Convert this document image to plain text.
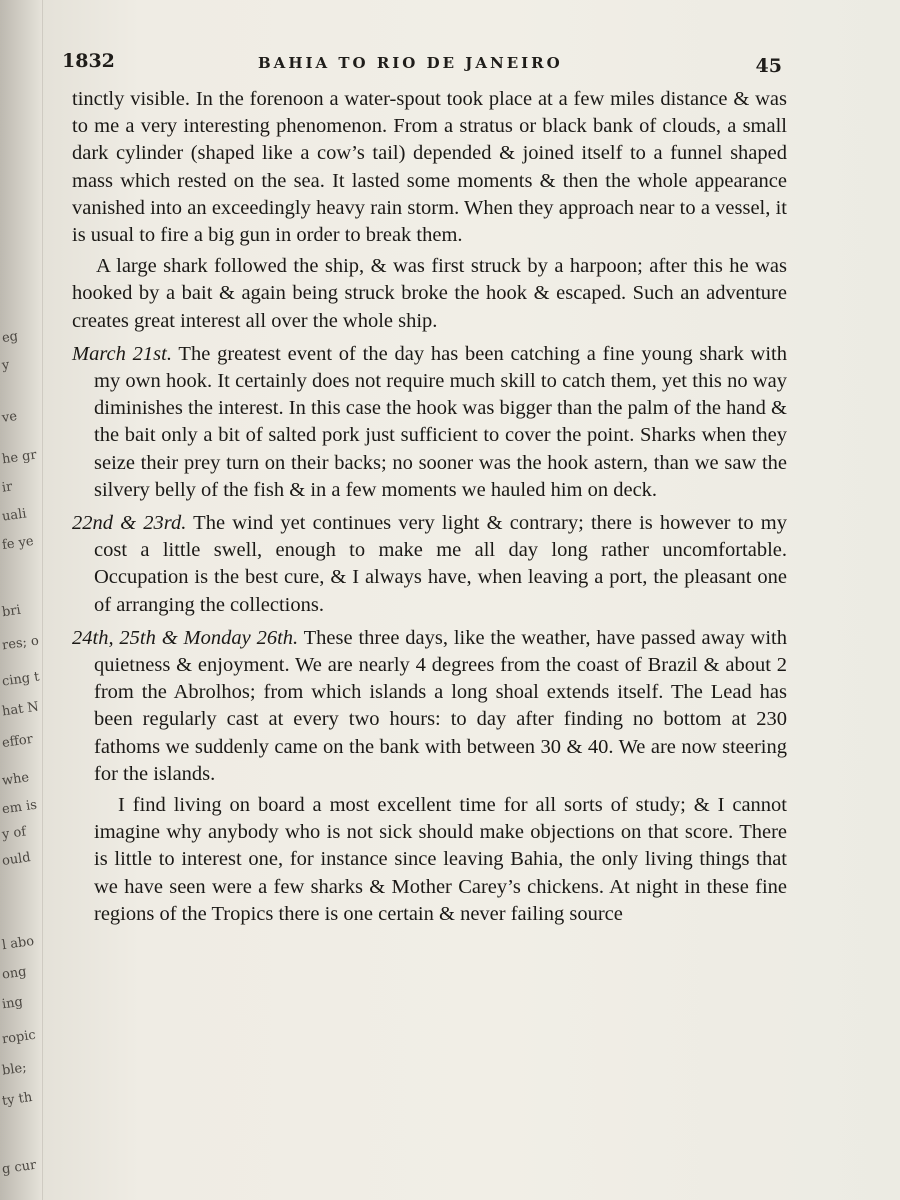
eg
y
ve
he gr
ir
uali
fe ye
bri
res; o
cing t
hat N
effor
whe
em is
y of
ould
l abo
ong
ing
ropic
ble;
ty th
g cur
1832	BAHIA TO RIO DE JANEIRO	45

tinctly visible. In the forenoon a water-spout took place at a few miles distance & was to me a very interesting phenomenon. From a stratus or black bank of clouds, a small dark cylinder (shaped like a cow’s tail) depended & joined itself to a funnel shaped mass which rested on the sea. It lasted some moments & then the whole appearance vanished into an exceedingly heavy rain storm. When they approach near to a vessel, it is usual to fire a big gun in order to break them.

A large shark followed the ship, & was first struck by a harpoon; after this he was hooked by a bait & again being struck broke the hook & escaped. Such an adventure creates great interest all over the whole ship.

March 21st. The greatest event of the day has been catching a fine young shark with my own hook. It certainly does not require much skill to catch them, yet this no way diminishes the interest. In this case the hook was bigger than the palm of the hand & the bait only a bit of salted pork just sufficient to cover the point. Sharks when they seize their prey turn on their backs; no sooner was the hook astern, than we saw the silvery belly of the fish & in a few moments we hauled him on deck.

22nd & 23rd. The wind yet continues very light & contrary; there is however to my cost a little swell, enough to make me all day long rather uncomfortable. Occupation is the best cure, & I always have, when leaving a port, the pleasant one of arranging the collections.

24th, 25th & Monday 26th. These three days, like the weather, have passed away with quietness & enjoyment. We are nearly 4 degrees from the coast of Brazil & about 2 from the Abrolhos; from which islands a long shoal extends itself. The Lead has been regularly cast at every two hours: to day after finding no bottom at 230 fathoms we suddenly came on the bank with between 30 & 40. We are now steering for the islands.

I find living on board a most excellent time for all sorts of study; & I cannot imagine why anybody who is not sick should make objections on that score. There is little to interest one, for instance since leaving Bahia, the only living things that we have seen were a few sharks & Mother Carey’s chickens. At night in these fine regions of the Tropics there is one certain & never failing source
